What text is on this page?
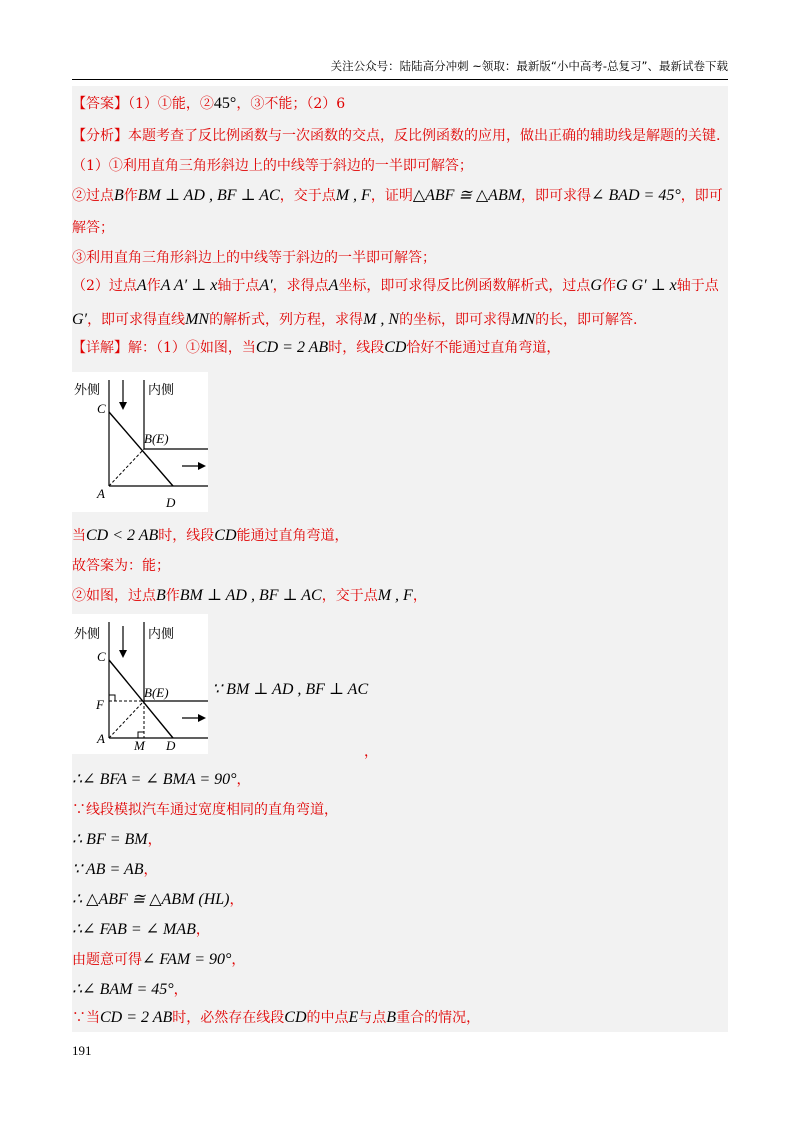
关注公众号：陆陆高分冲刺 ~领取：最新版“小中高考-总复习”、最新试卷下载
【答案】（1）①能，②45°，③不能；（2）6
【分析】本题考查了反比例函数与一次函数的交点，反比例函数的应用，做出正确的辅助线是解题的关键.
（1）①利用直角三角形斜边上的中线等于斜边的一半即可解答；
②过点B作BM ⊥ AD , BF ⊥ AC，交于点M , F，证明△ABF ≅ △ABM，即可求得∠ BAD = 45°，即可
解答；
③利用直角三角形斜边上的中线等于斜边的一半即可解答；
（2）过点A作A A′ ⊥ x轴于点A′，求得点A坐标，即可求得反比例函数解析式，过点G作G G′ ⊥ x轴于点
G′，即可求得直线MN的解析式，列方程，求得M , N的坐标，即可求得MN的长，即可解答.
【详解】解：（1）①如图，当CD = 2 AB时，线段CD恰好不能通过直角弯道，
外侧	内侧
C
B(E)
A
D
当CD < 2 AB时，线段CD能通过直角弯道，
故答案为：能；
②如图，过点B作BM ⊥ AD , BF ⊥ AC，交于点M , F，
外侧	内侧
C
F
B(E)
A M D
∵ BM ⊥ AD , BF ⊥ AC
，
∴∠ BFA = ∠ BMA = 90°，
∵线段模拟汽车通过宽度相同的直角弯道，
∴ BF = BM，
∵ AB = AB，
∴ △ABF ≅ △ABM (HL)，
∴∠ FAB = ∠ MAB，
由题意可得∠ FAM = 90°，
∴∠ BAM = 45°，
∵当CD = 2 AB时，必然存在线段CD的中点E与点B重合的情况，
191
